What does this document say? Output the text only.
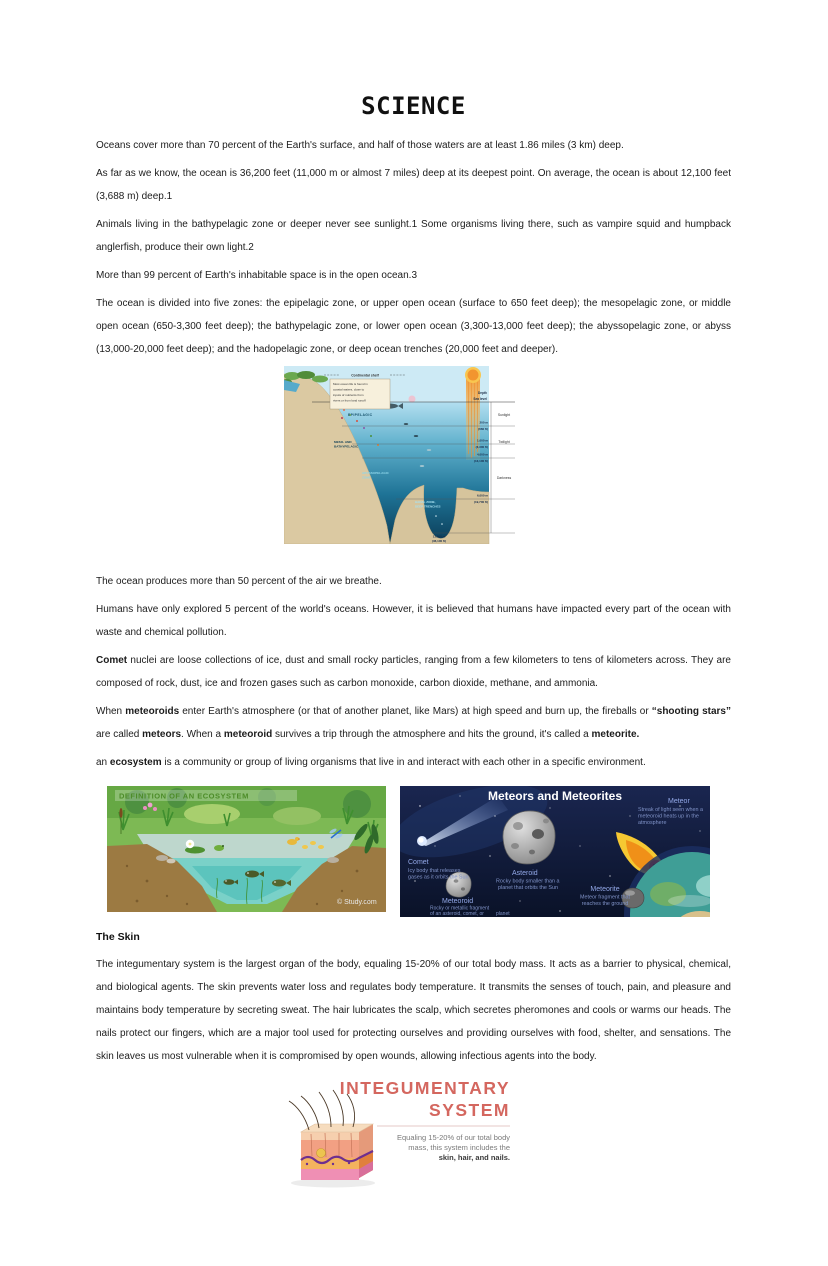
SCIENCE

Oceans cover more than 70 percent of the Earth's surface, and half of those waters are at least 1.86 miles (3 km) deep.

As far as we know, the ocean is 36,200 feet (11,000 m or almost 7 miles) deep at its deepest point. On average, the ocean is about 12,100 feet (3,688 m) deep.1

Animals living in the bathypelagic zone or deeper never see sunlight.1 Some organisms living there, such as vampire squid and humpback anglerfish, produce their own light.2

More than 99 percent of Earth's inhabitable space is in the open ocean.3

The ocean is divided into five zones: the epipelagic zone, or upper open ocean (surface to 650 feet deep); the mesopelagic zone, or middle open ocean (650-3,300 feet deep); the bathypelagic zone, or lower open ocean (3,300-13,000 feet deep); the abyssopelagic zone, or abyss (13,000-20,000 feet deep); and the hadopelagic zone, or deep ocean trenches (20,000 feet and deeper).

Continental shelf
Most ocean life is found in
coastal waters, close to
inputs of nutrients from
rivers or from land runoff
Depth
Sea level
Sunlight
Twilight
Darkness
200 m
(660 ft)
1,000 m
(3,300 ft)
4,000 m
(13,100 ft)
6,000 m
(19,700 ft)
11,000 m
(36,100 ft)
EPIPELAGIC
MESO- AND
BATHYPELAGIC
ABYSSOPELAGIC
ZONE
HADAL ZONE,
DEEP TRENCHES

The ocean produces more than 50 percent of the air we breathe.

Humans have only explored 5 percent of the world's oceans. However, it is believed that humans have impacted every part of the ocean with waste and chemical pollution.

Comet nuclei are loose collections of ice, dust and small rocky particles, ranging from a few kilometers to tens of kilometers across. They are composed of rock, dust, ice and frozen gases such as carbon monoxide, carbon dioxide, methane, and ammonia.

When meteoroids enter Earth's atmosphere (or that of another planet, like Mars) at high speed and burn up, the fireballs or “shooting stars” are called meteors. When a meteoroid survives a trip through the atmosphere and hits the ground, it's called a meteorite.

an ecosystem is a community or group of living organisms that live in and interact with each other in a specific environment.

DEFINITION OF AN ECOSYSTEM
© Study.com
Meteors and Meteorites
Comet
Asteroid
Meteor
Meteoroid
Meteorite
Icy body that releases
gases as it orbits the Sun
Rocky body smaller than a
planet that orbits the Sun
Streak of light seen when a
meteoroid heats up in the
atmosphere
Rocky or metallic fragment
of an asteroid, comet, or planet
Meteor fragment that
reaches the ground
The Skin

The integumentary system is the largest organ of the body, equaling 15-20% of our total body mass. It acts as a barrier to physical, chemical, and biological agents. The skin prevents water loss and regulates body temperature. It transmits the senses of touch, pain, and pleasure and maintains body temperature by secreting sweat. The hair lubricates the scalp, which secretes pheromones and cools or warms our heads. The nails protect our fingers, which are a major tool used for protecting ourselves and providing ourselves with food, shelter, and sensations. The skin leaves us most vulnerable when it is compromised by open wounds, allowing infectious agents into the body.

INTEGUMENTARY
SYSTEM
Equaling 15-20% of our total body
mass, this system includes the
skin, hair, and nails.
